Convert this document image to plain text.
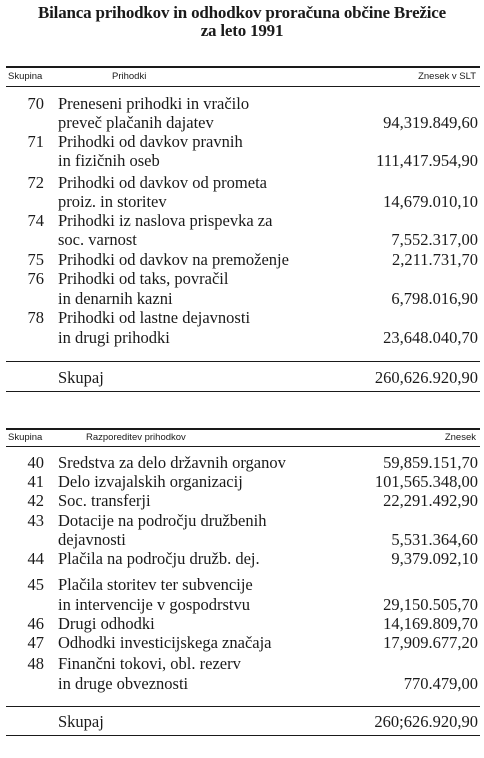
Bilanca prihodkov in odhodkov proračuna občine Brežice
za leto 1991
Skupina	Prihodki	Znesek v SLT
70 Preneseni prihodki in vračilo
preveč plačanih dajatev	94,319.849,60
71 Prihodki od davkov pravnih
in fizičnih oseb	111,417.954,90
72 Prihodki od davkov od prometa
proiz. in storitev	14,679.010,10
74 Prihodki iz naslova prispevka za
soc. varnost	7,552.317,00
75 Prihodki od davkov na premoženje	2,211.731,70
76 Prihodki od taks, povračil
in denarnih kazni	6,798.016,90
78 Prihodki od lastne dejavnosti
in drugi prihodki	23,648.040,70
Skupaj	260,626.920,90
Skupina	Razporeditev prihodkov	Znesek
40 Sredstva za delo državnih organov	59,859.151,70
41 Delo izvajalskih organizacij	101,565.348,00
42 Soc. transferji	22,291.492,90
43 Dotacije na področju družbenih
dejavnosti	5,531.364,60
44 Plačila na področju družb. dej.	9,379.092,10
45 Plačila storitev ter subvencije
in intervencije v gospodrstvu	29,150.505,70
46 Drugi odhodki	14,169.809,70
47 Odhodki investicijskega značaja	17,909.677,20
48 Finančni tokovi, obl. rezerv
in druge obveznosti	770.479,00
Skupaj	260;626.920,90
